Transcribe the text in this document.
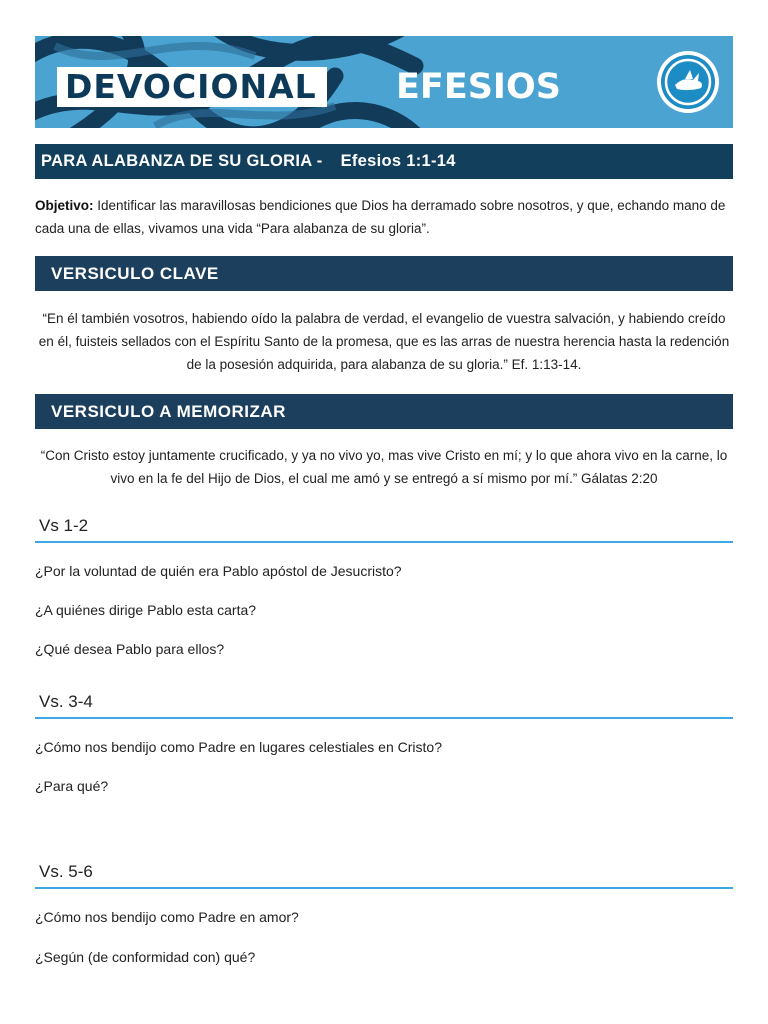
DEVOCIONAL EFESIOS
PARA ALABANZA DE SU GLORIA - Efesios 1:1-14
Objetivo: Identificar las maravillosas bendiciones que Dios ha derramado sobre nosotros, y que, echando mano de cada una de ellas, vivamos una vida “Para alabanza de su gloria”.
VERSICULO CLAVE
“En él también vosotros, habiendo oído la palabra de verdad, el evangelio de vuestra salvación, y habiendo creído en él, fuisteis sellados con el Espíritu Santo de la promesa, que es las arras de nuestra herencia hasta la redención de la posesión adquirida, para alabanza de su gloria.” Ef. 1:13-14.
VERSICULO A MEMORIZAR
“Con Cristo estoy juntamente crucificado, y ya no vivo yo, mas vive Cristo en mí; y lo que ahora vivo en la carne, lo vivo en la fe del Hijo de Dios, el cual me amó y se entregó a sí mismo por mí.” Gálatas 2:20
Vs 1-2
¿Por la voluntad de quién era Pablo apóstol de Jesucristo?
¿A quiénes dirige Pablo esta carta?
¿Qué desea Pablo para ellos?
Vs. 3-4
¿Cómo nos bendijo como Padre en lugares celestiales en Cristo?
¿Para qué?
Vs. 5-6
¿Cómo nos bendijo como Padre en amor?
¿Según (de conformidad con) qué?
